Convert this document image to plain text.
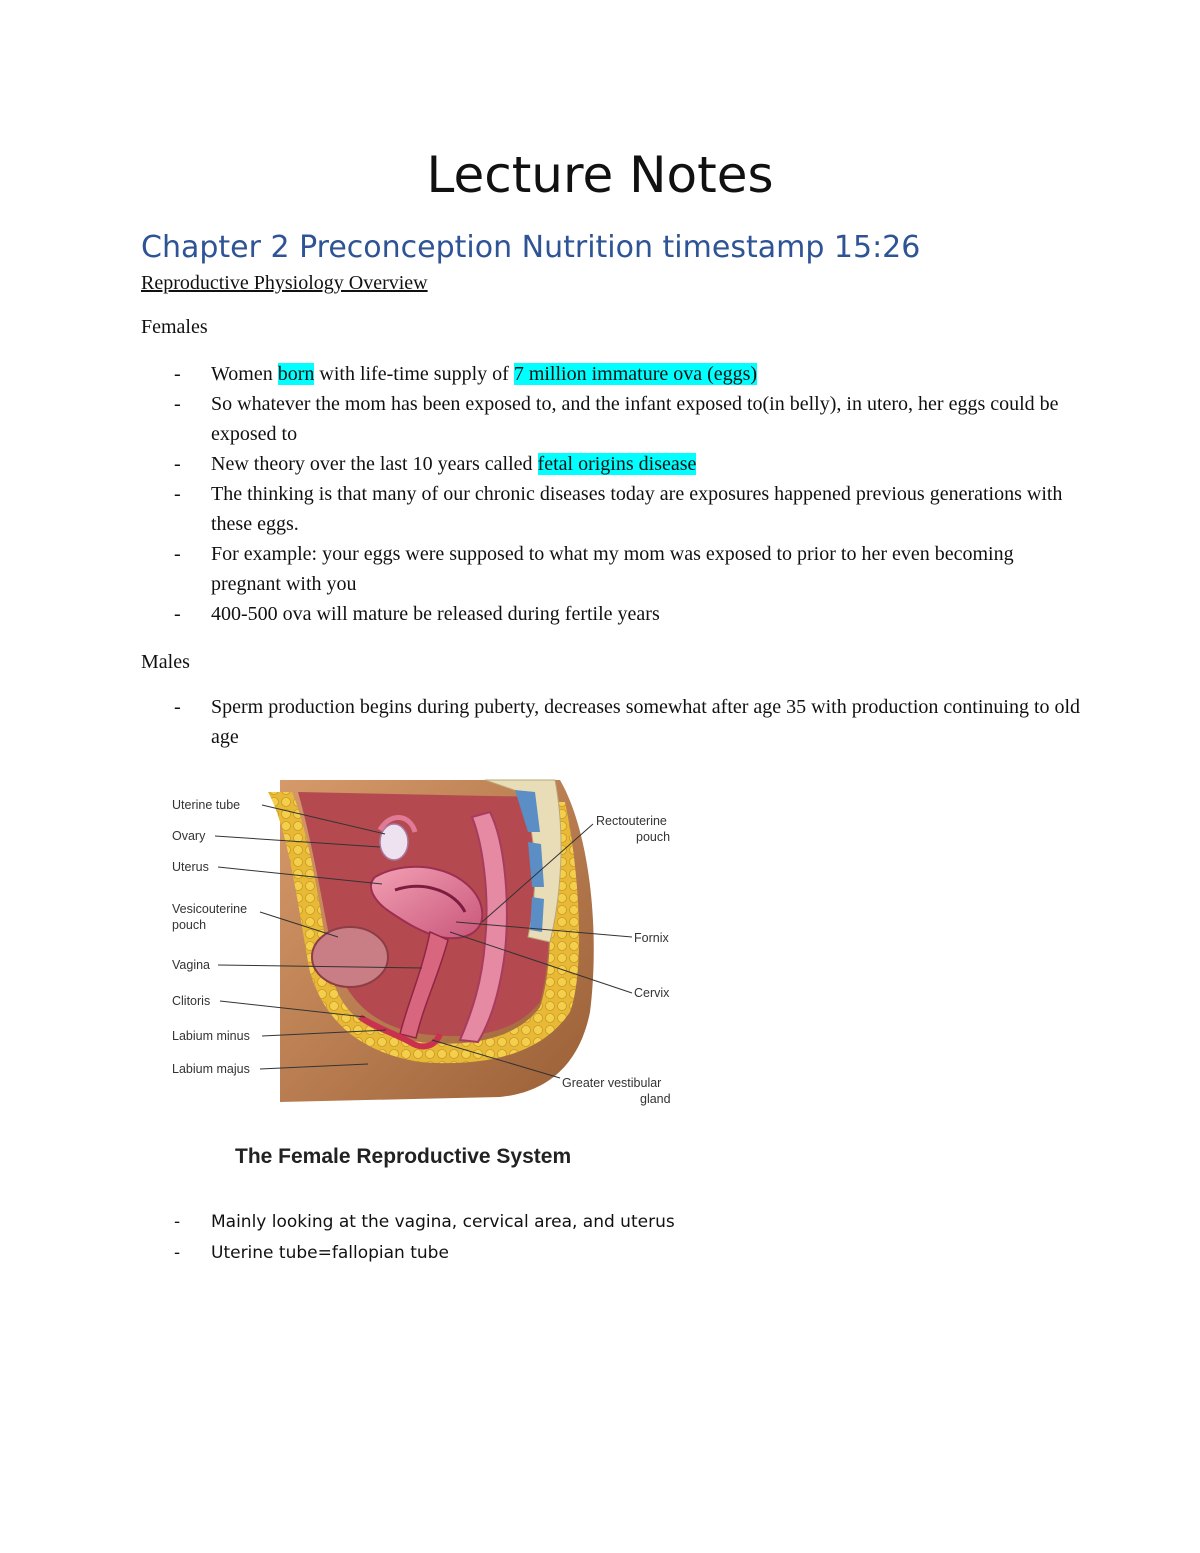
Lecture Notes
Chapter 2 Preconception Nutrition timestamp 15:26
Reproductive Physiology Overview
Females
- Women born with life-time supply of 7 million immature ova (eggs)
- So whatever the mom has been exposed to, and the infant exposed to(in belly), in utero, her eggs could be exposed to
- New theory over the last 10 years called fetal origins disease
- The thinking is that many of our chronic diseases today are exposures happened previous generations with these eggs.
- For example: your eggs were supposed to what my mom was exposed to prior to her even becoming pregnant with you
- 400-500 ova will mature be released during fertile years
Males
- Sperm production begins during puberty, decreases somewhat after age 35 with production continuing to old age
Uterine tube
Ovary
Uterus
Vesicouterine
pouch
Vagina
Clitoris
Labium minus
Labium majus
Rectouterine
pouch
Fornix
Cervix
Greater vestibular
gland
The Female Reproductive System
- Mainly looking at the vagina, cervical area, and uterus
- Uterine tube=fallopian tube
